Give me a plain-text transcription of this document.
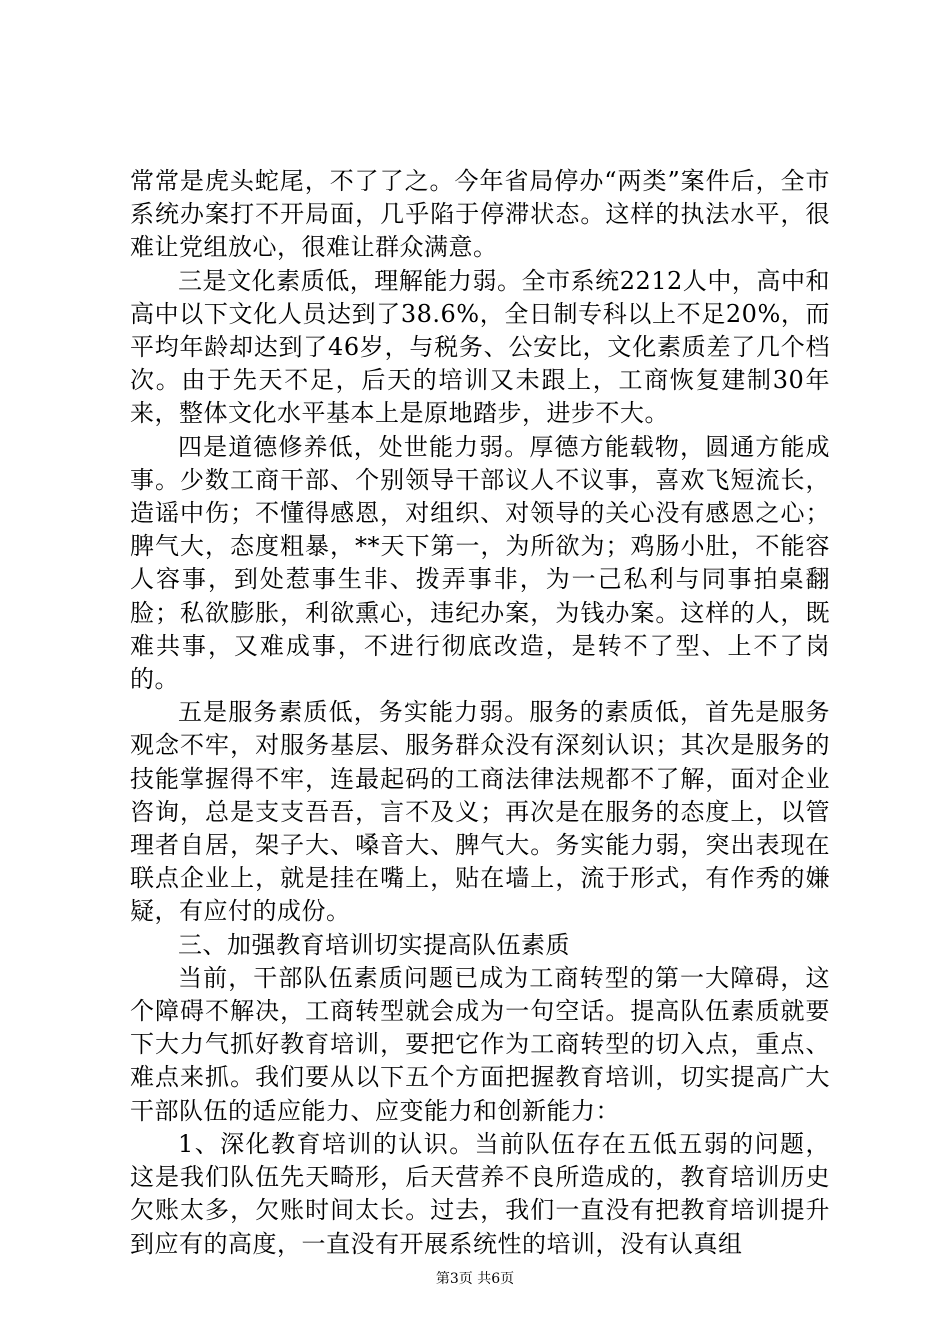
常常是虎头蛇尾，不了了之。今年省局停办“两类”案件后，全市系统办案打不开局面，几乎陷于停滞状态。这样的执法水平，很难让党组放心，很难让群众满意。

三是文化素质低，理解能力弱。全市系统2212人中，高中和高中以下文化人员达到了38.6%，全日制专科以上不足20%，而平均年龄却达到了46岁，与税务、公安比，文化素质差了几个档次。由于先天不足，后天的培训又未跟上，工商恢复建制30年来，整体文化水平基本上是原地踏步，进步不大。

四是道德修养低，处世能力弱。厚德方能载物，圆通方能成事。少数工商干部、个别领导干部议人不议事，喜欢飞短流长，造谣中伤；不懂得感恩，对组织、对领导的关心没有感恩之心；脾气大，态度粗暴，**天下第一，为所欲为；鸡肠小肚，不能容人容事，到处惹事生非、拨弄事非，为一己私利与同事拍桌翻脸；私欲膨胀，利欲熏心，违纪办案，为钱办案。这样的人，既难共事，又难成事，不进行彻底改造，是转不了型、上不了岗的。

五是服务素质低，务实能力弱。服务的素质低，首先是服务观念不牢，对服务基层、服务群众没有深刻认识；其次是服务的技能掌握得不牢，连最起码的工商法律法规都不了解，面对企业咨询，总是支支吾吾，言不及义；再次是在服务的态度上，以管理者自居，架子大、嗓音大、脾气大。务实能力弱，突出表现在联点企业上，就是挂在嘴上，贴在墙上，流于形式，有作秀的嫌疑，有应付的成份。

三、加强教育培训切实提高队伍素质

当前，干部队伍素质问题已成为工商转型的第一大障碍，这个障碍不解决，工商转型就会成为一句空话。提高队伍素质就要下大力气抓好教育培训，要把它作为工商转型的切入点，重点、难点来抓。我们要从以下五个方面把握教育培训，切实提高广大干部队伍的适应能力、应变能力和创新能力：

1、深化教育培训的认识。当前队伍存在五低五弱的问题，这是我们队伍先天畸形，后天营养不良所造成的，教育培训历史欠账太多，欠账时间太长。过去，我们一直没有把教育培训提升到应有的高度，一直没有开展系统性的培训，没有认真组

第3页 共6页
